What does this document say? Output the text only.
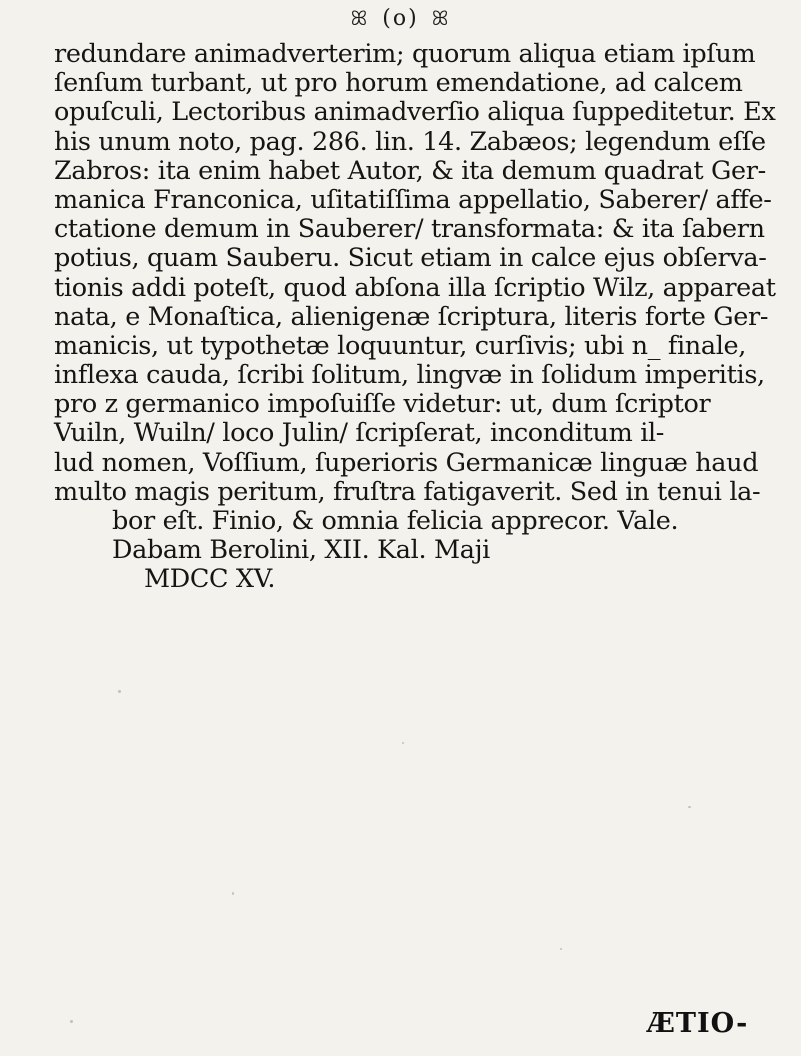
ꕤ (o) ꕤ
redundare animadverterim; quorum aliqua etiam ipſum
ſenſum turbant, ut pro horum emendatione, ad calcem
opuſculi, Lectoribus animadverſio aliqua ſuppeditetur. Ex
his unum noto, pag. 286. lin. 14. Zabæos; legendum eſſe
Zabros: ita enim habet Autor, & ita demum quadrat Ger-
manica Franconica, uſitatiſſima appellatio, Saberer/ affe-
ctatione demum in Sauberer/ transformata: & ita ſabern
potius, quam Sauberu. Sicut etiam in calce ejus obſerva-
tionis addi poteſt, quod abſona illa ſcriptio Wilz, appareat
nata, e Monaſtica, alienigenæ ſcriptura, literis forte Ger-
manicis, ut typothetæ loquuntur, curſivis; ubi n_ finale,
inflexa cauda, ſcribi ſolitum, lingvæ in ſolidum imperitis,
pro z germanico impoſuiſſe videtur: ut, dum ſcriptor
Vuiln, Wuiln/ loco Julin/ ſcripſerat, inconditum il-
lud nomen, Voſſium, ſuperioris Germanicæ linguæ haud
multo magis peritum, fruſtra fatigaverit. Sed in tenui la-
bor eſt. Finio, & omnia felicia apprecor. Vale.
Dabam Berolini, XII. Kal. Maji
MDCC XV.
ÆTIO-
